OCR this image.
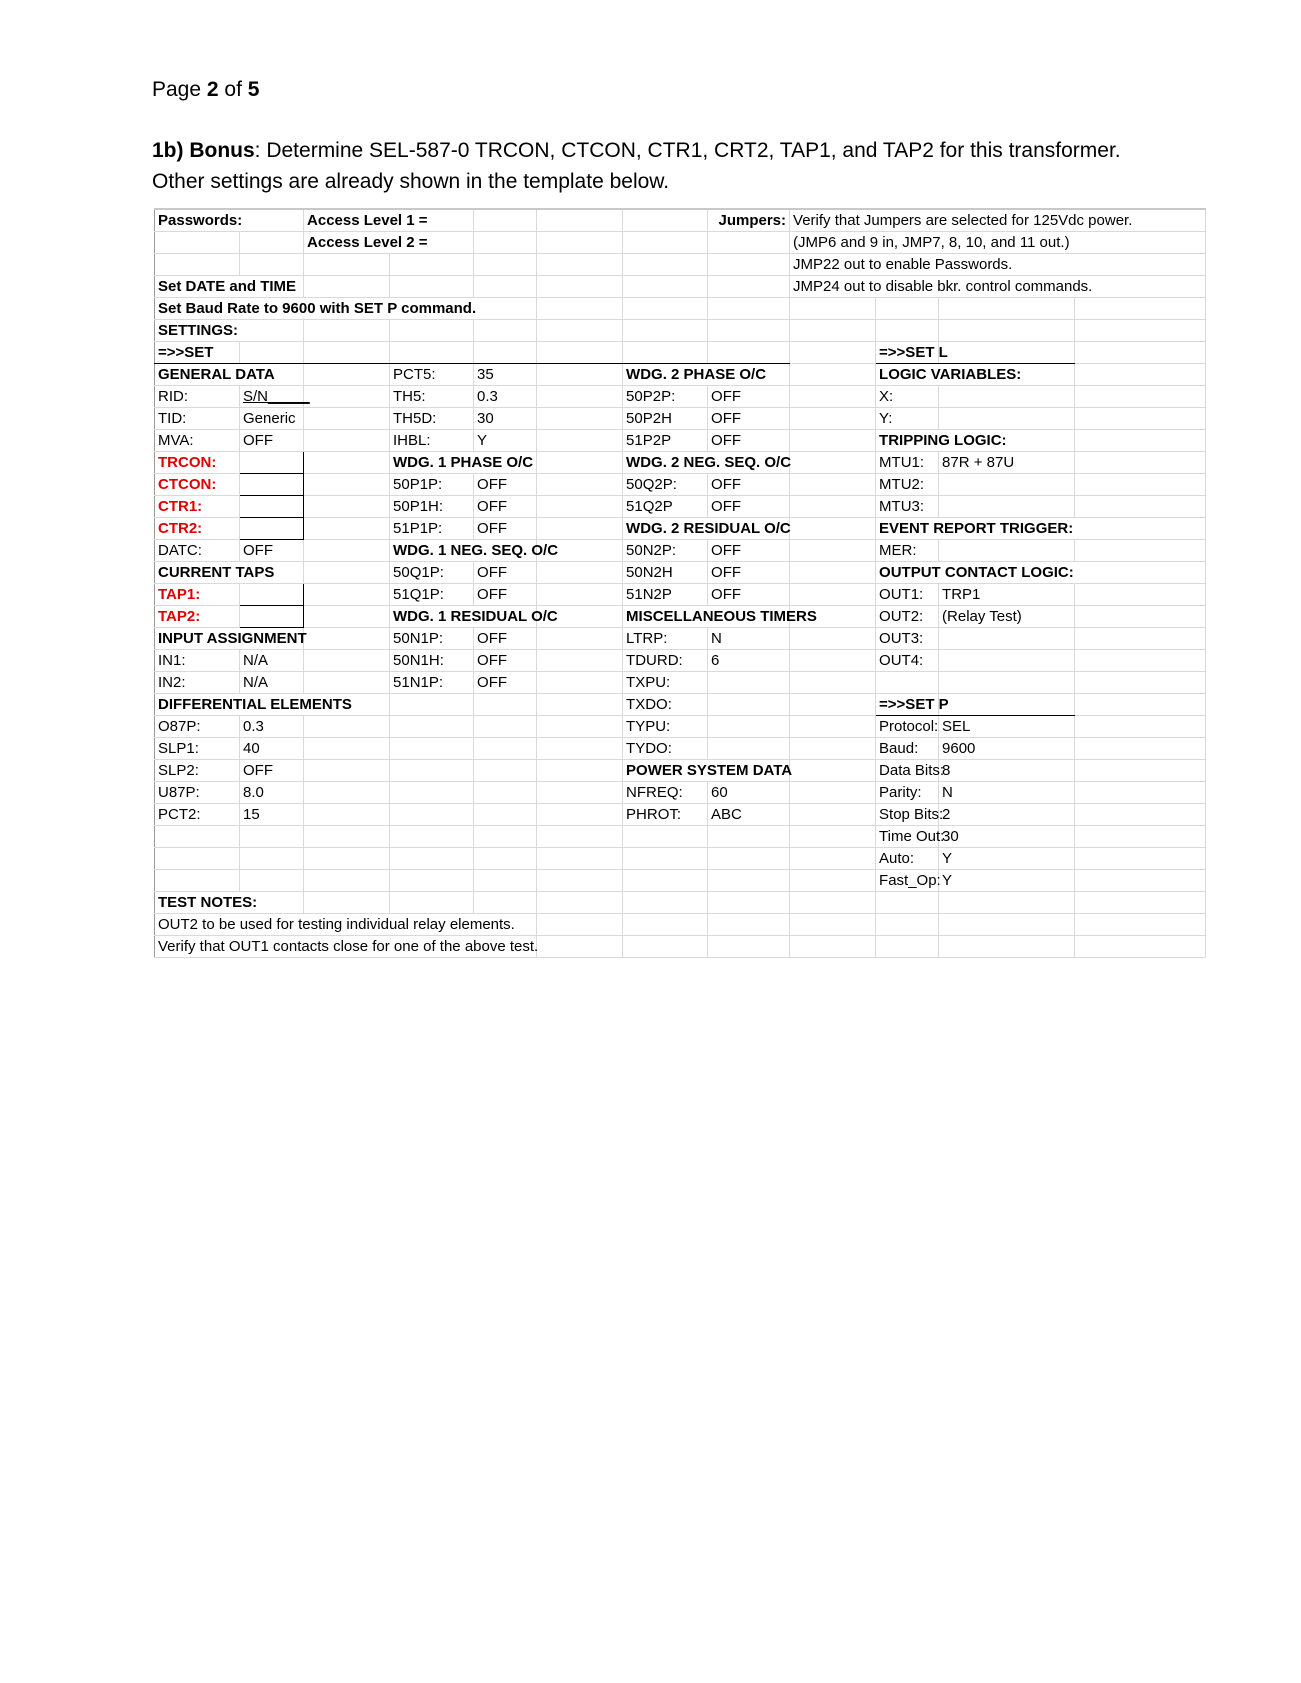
Page 2 of 5
1b) Bonus: Determine SEL-587-0 TRCON, CTCON, CTR1, CRT2, TAP1, and TAP2 for this transformer. Other settings are already shown in the template below.
Passwords:		Access Level 1 =					Jumpers:	Verify that Jumpers are selected for 125Vdc power.			
		Access Level 2 =						(JMP6 and 9 in, JMP7, 8, 10, and 11 out.)			
								JMP22 out to enable Passwords.			
Set DATE and TIME								JMP24 out to disable bkr. control commands.			
Set Baud Rate to 9600 with SET P command.											
SETTINGS:											
=>>SET									=>>SET L		
GENERAL DATA			PCT5:	35		WDG. 2 PHASE O/C			LOGIC VARIABLES:		
RID:	S/N_____		TH5:	0.3		50P2P:	OFF		X:		
TID:	Generic		TH5D:	30		50P2H	OFF		Y:		
MVA:	OFF		IHBL:	Y		51P2P	OFF		TRIPPING LOGIC:		
TRCON:			WDG. 1 PHASE O/C			WDG. 2 NEG. SEQ. O/C			MTU1:	87R + 87U	
CTCON:			50P1P:	OFF		50Q2P:	OFF		MTU2:		
CTR1:			50P1H:	OFF		51Q2P	OFF		MTU3:		
CTR2:			51P1P:	OFF		WDG. 2 RESIDUAL O/C			EVENT REPORT TRIGGER:		
DATC:	OFF		WDG. 1 NEG. SEQ. O/C			50N2P:	OFF		MER:		
CURRENT TAPS			50Q1P:	OFF		50N2H	OFF		OUTPUT CONTACT LOGIC:		
TAP1:			51Q1P:	OFF		51N2P	OFF		OUT1:	TRP1	
TAP2:			WDG. 1 RESIDUAL O/C			MISCELLANEOUS TIMERS			OUT2:	(Relay Test)	
INPUT ASSIGNMENT			50N1P:	OFF		LTRP:	N		OUT3:		
IN1:	N/A		50N1H:	OFF		TDURD:	6		OUT4:		
IN2:	N/A		51N1P:	OFF		TXPU:					
DIFFERENTIAL ELEMENTS						TXDO:			=>>SET P		
O87P:	0.3					TYPU:			Protocol:	SEL	
SLP1:	40					TYDO:			Baud:	9600	
SLP2:	OFF					POWER SYSTEM DATA			Data Bits:	8	
U87P:	8.0					NFREQ:	60		Parity:	N	
PCT2:	15					PHROT:	ABC		Stop Bits:	2	
									Time Out:	30	
									Auto:	Y	
									Fast_Op:	Y	
TEST NOTES:											
OUT2 to be used for testing individual relay elements.											
Verify that OUT1 contacts close for one of the above test.											
